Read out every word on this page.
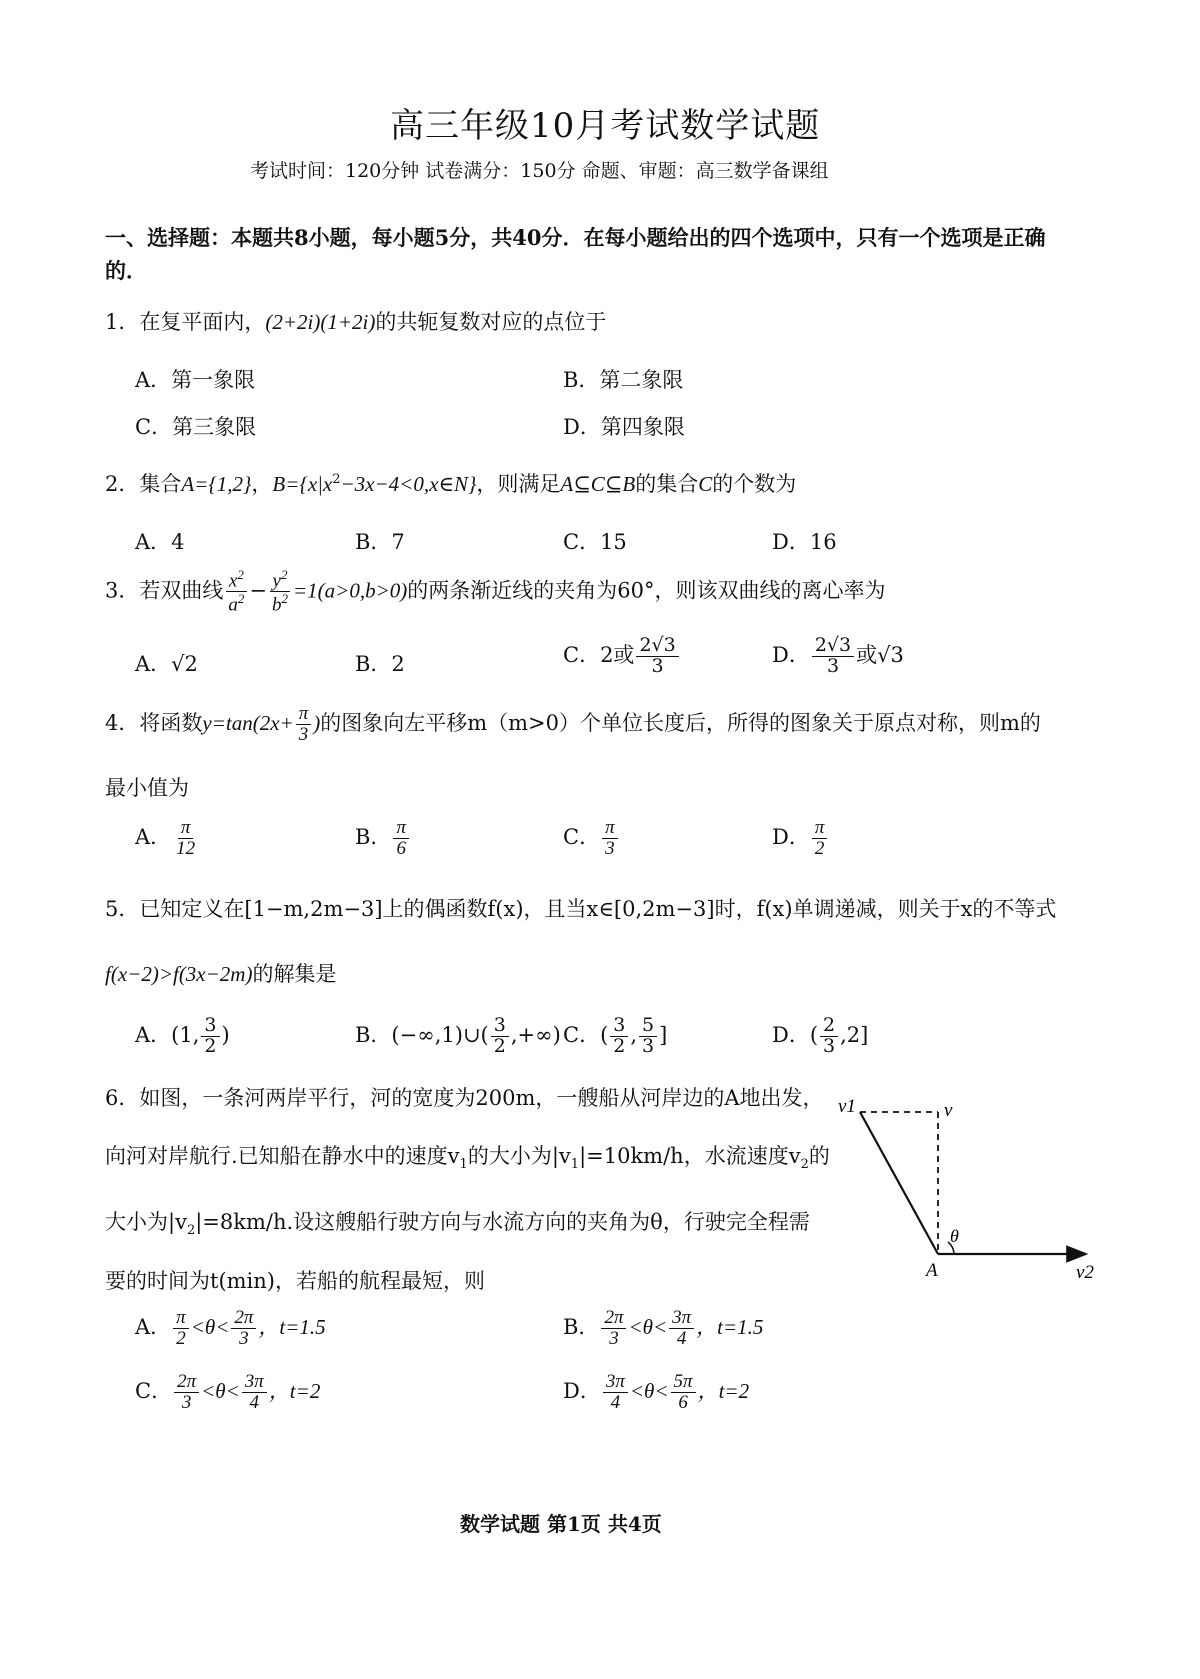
高三年级10月考试数学试题
考试时间：120分钟 试卷满分：150分 命题、审题：高三数学备课组
一、选择题：本题共8小题，每小题5分，共40分．在每小题给出的四个选项中，只有一个选项是正确
的．
1．在复平面内，(2+2i)(1+2i)的共轭复数对应的点位于
A．第一象限	B．第二象限
C．第三象限	D．第四象限
2．集合A={1,2}，$B=\{x|x^2-3x-4<0,x\in N\}$，则满足A⊆C⊆B的集合C的个数为
A．4	B．7	C．15	D．16
3．若双曲线 $\frac{x^2}{a^2} - \frac{y^2}{b^2} =1(a>0,b>0)$的两条渐近线的夹角为60°，则该双曲线的离心率为
A．√2	B．2	C．2或 $\frac{2√3}{3}$	D． $\frac{2√3}{3}$ 或√3
4．将函数$y=\tan(2x+ \frac{\pi}{3}$ )的图象向左平移m（m>0）个单位长度后，所得的图象关于原点对称，则m的
最小值为
A． $\frac{\pi}{12}$	B． $\frac{\pi}{6}$	C． $\frac{\pi}{3}$	D． $\frac{\pi}{2}$
5．已知定义在[1−m,2m−3]上的偶函数f(x)，且当x∈[0,2m−3]时，f(x)单调递减，则关于x的不等式
f(x−2)>f(3x−2m)的解集是
A．(1, $\frac{3}{2}$ )	B．(−∞,1)∪( $\frac{3}{2}$ ,+∞) C．( $\frac{3}{2}$ , $\frac{5}{3}$ ]	D．( $\frac{2}{3} ,2$]
6．如图，一条河两岸平行，河的宽度为200m，一艘船从河岸边的A地出发，
向河对岸航行.已知船在静水中的速度$v_1$的大小为$|v_1|=10km/h$，水流速度$v_2$的
大小为$|v_2|=8km/h$.设这艘船行驶方向与水流方向的夹角为θ，行驶完全程需
要的时间为t(min)，若船的航程最短，则
v1	v
θ
A	v2
A． $\frac{\pi}{2} <\theta< \frac{2\pi}{3}$ ，t=1.5	B． $\frac{2\pi}{3} <\theta< \frac{3\pi}{4}$ ，t=1.5
C． $\frac{2\pi}{3} <\theta< \frac{3\pi}{4}$ ，t=2	D． $\frac{3\pi}{4} <\theta< \frac{5\pi}{6}$ ，t=2
数学试题 第1页 共4页
